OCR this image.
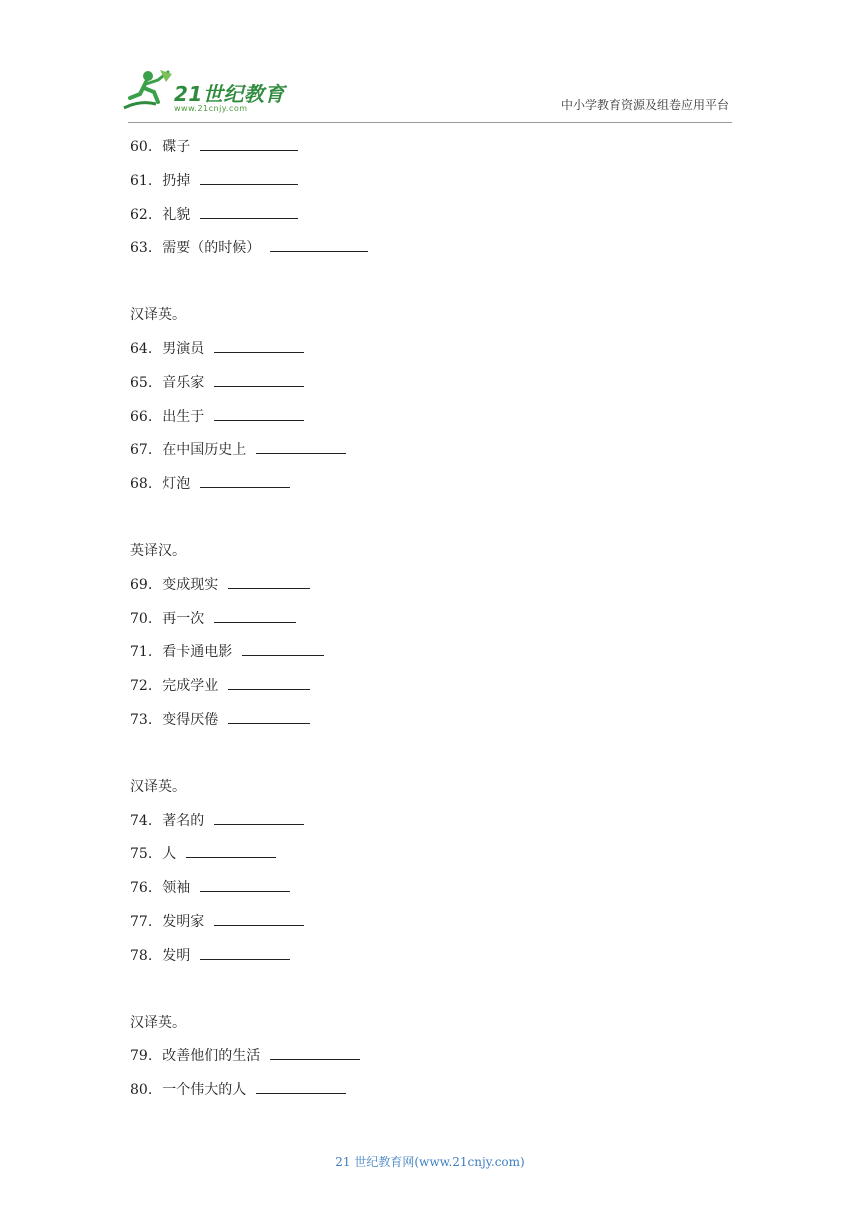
21世纪教育
www.21cnjy.com	中小学教育资源及组卷应用平台
60. 碟子
61. 扔掉
62. 礼貌
63. 需要（的时候）
汉译英。
64. 男演员
65. 音乐家
66. 出生于
67. 在中国历史上
68. 灯泡
英译汉。
69. 变成现实
70. 再一次
71. 看卡通电影
72. 完成学业
73. 变得厌倦
汉译英。
74. 著名的
75. 人
76. 领袖
77. 发明家
78. 发明
汉译英。
79. 改善他们的生活
80. 一个伟大的人
21 世纪教育网(www.21cnjy.com)
